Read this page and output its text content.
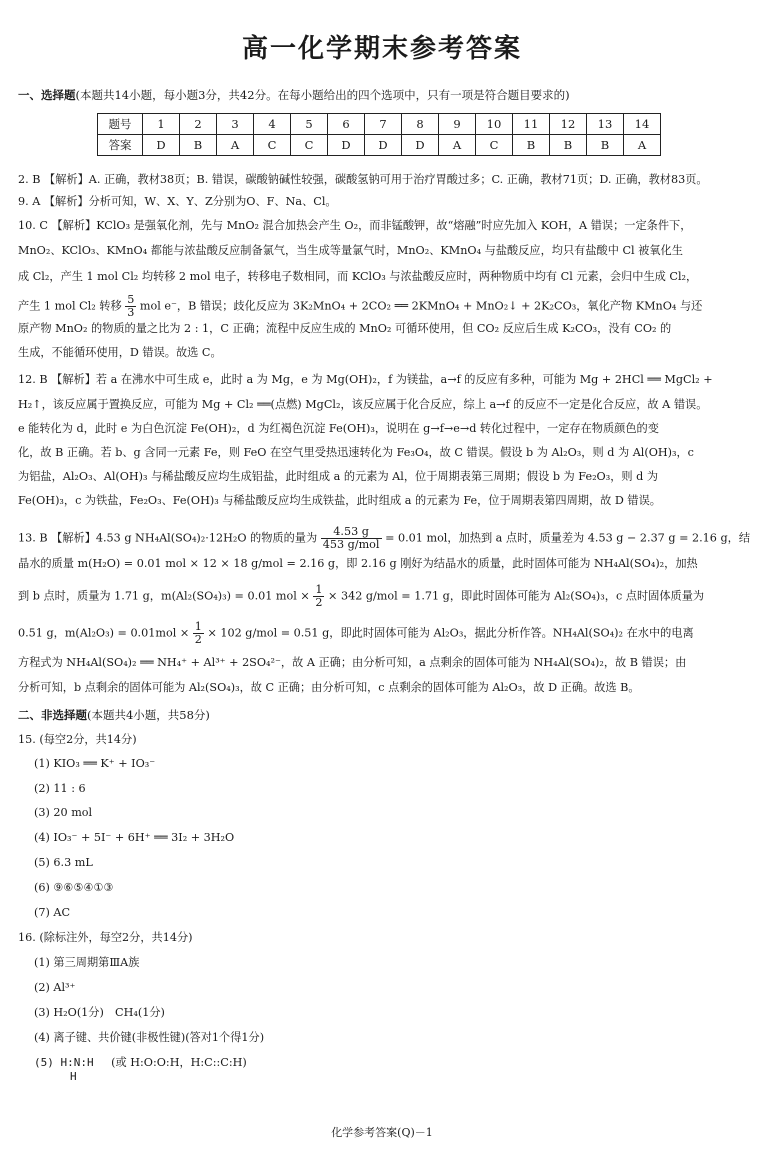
高一化学期末参考答案
一、选择题(本题共14小题，每小题3分，共42分。在每小题给出的四个选项中，只有一项是符合题目要求的)
题号	1	2	3	4	5	6	7	8	9	10	11	12	13	14
答案	D	B	A	C	C	D	D	D	A	C	B	B	B	A
2. B 【解析】A. 正确，教材38页；B. 错误，碳酸钠碱性较强，碳酸氢钠可用于治疗胃酸过多；C. 正确，教材71页；D. 正确，教材83页。
9. A 【解析】分析可知，W、X、Y、Z分别为O、F、Na、Cl。
10. C 【解析】KClO₃ 是强氧化剂，先与 MnO₂ 混合加热会产生 O₂，而非锰酸钾，故“熔融”时应先加入 KOH，A 错误；一定条件下，
MnO₂、KClO₃、KMnO₄ 都能与浓盐酸反应制备氯气，当生成等量氯气时，MnO₂、KMnO₄ 与盐酸反应，均只有盐酸中 Cl 被氧化生
成 Cl₂，产生 1 mol Cl₂ 均转移 2 mol 电子，转移电子数相同，而 KClO₃ 与浓盐酸反应时，两种物质中均有 Cl 元素，会归中生成 Cl₂，
产生 1 mol Cl₂ 转移 $\frac{5}{3}$ mol e⁻，B 错误；歧化反应为 3K₂MnO₄ + 2CO₂ ══ 2KMnO₄ + MnO₂↓ + 2K₂CO₃，氧化产物 KMnO₄ 与还
原产物 MnO₂ 的物质的量之比为 2 : 1，C 正确；流程中反应生成的 MnO₂ 可循环使用，但 CO₂ 反应后生成 K₂CO₃，没有 CO₂ 的
生成，不能循环使用，D 错误。故选 C。
12. B 【解析】若 a 在沸水中可生成 e，此时 a 为 Mg，e 为 Mg(OH)₂，f 为镁盐，a→f 的反应有多种，可能为 Mg + 2HCl ══ MgCl₂ +
H₂↑，该反应属于置换反应，可能为 Mg + Cl₂ ══(点燃) MgCl₂，该反应属于化合反应，综上 a→f 的反应不一定是化合反应，故 A 错误。
e 能转化为 d，此时 e 为白色沉淀 Fe(OH)₂，d 为红褐色沉淀 Fe(OH)₃，说明在 g→f→e→d 转化过程中，一定存在物质颜色的变
化，故 B 正确。若 b、g 含同一元素 Fe，则 FeO 在空气里受热迅速转化为 Fe₃O₄，故 C 错误。假设 b 为 Al₂O₃，则 d 为 Al(OH)₃，c
为铝盐，Al₂O₃、Al(OH)₃ 与稀盐酸反应均生成铝盐，此时组成 a 的元素为 Al，位于周期表第三周期；假设 b 为 Fe₂O₃，则 d 为
Fe(OH)₃，c 为铁盐，Fe₂O₃、Fe(OH)₃ 与稀盐酸反应均生成铁盐，此时组成 a 的元素为 Fe，位于周期表第四周期，故 D 错误。
13. B 【解析】4.53 g NH₄Al(SO₄)₂·12H₂O 的物质的量为 $\frac{4.53 g}{\text{453 g/mol}} = 0.01$ mol，加热到 a 点时，质量差为 4.53 g − 2.37 g = 2.16 g，结
晶水的质量 m(H₂O) = 0.01 mol × 12 × 18 g/mol = 2.16 g，即 2.16 g 刚好为结晶水的质量，此时固体可能为 NH₄Al(SO₄)₂，加热
到 b 点时，质量为 1.71 g，m(Al₂(SO₄)₃) = 0.01 mol × $\frac{1}{2} \times 342$ g/mol = 1.71 g，即此时固体可能为 Al₂(SO₄)₃，c 点时固体质量为
0.51 g，$m(Al_2O_3) = 0.01mol \times \frac{1}{2} \times 102$ g/mol = 0.51 g，即此时固体可能为 Al₂O₃，据此分析作答。NH₄Al(SO₄)₂ 在水中的电离
方程式为 NH₄Al(SO₄)₂ ══ NH₄⁺ + Al³⁺ + 2SO₄²⁻，故 A 正确；由分析可知，a 点剩余的固体可能为 NH₄Al(SO₄)₂，故 B 错误；由
分析可知，b 点剩余的固体可能为 Al₂(SO₄)₃，故 C 正确；由分析可知，c 点剩余的固体可能为 Al₂O₃，故 D 正确。故选 B。
二、非选择题(本题共4小题，共58分)
15. (每空2分，共14分)
(1) KIO₃ ══ K⁺ + IO₃⁻
(2) 11 : 6
(3) 20 mol
(4) IO₃⁻ + 5I⁻ + 6H⁺ ══ 3I₂ + 3H₂O
(5) 6.3 mL
(6) ⑨⑥⑤④①③
(7) AC
16. (除标注外，每空2分，共14分)
(1) 第三周期第ⅢA族
(2) Al³⁺
(3) H₂O(1分)　CH₄(1分)
(4) 离子键、共价键(非极性键)(答对1个得1分)
(5) H:N:H (或 H:O:O:H，H:C::C:H)
H
化学参考答案(Q)－1
